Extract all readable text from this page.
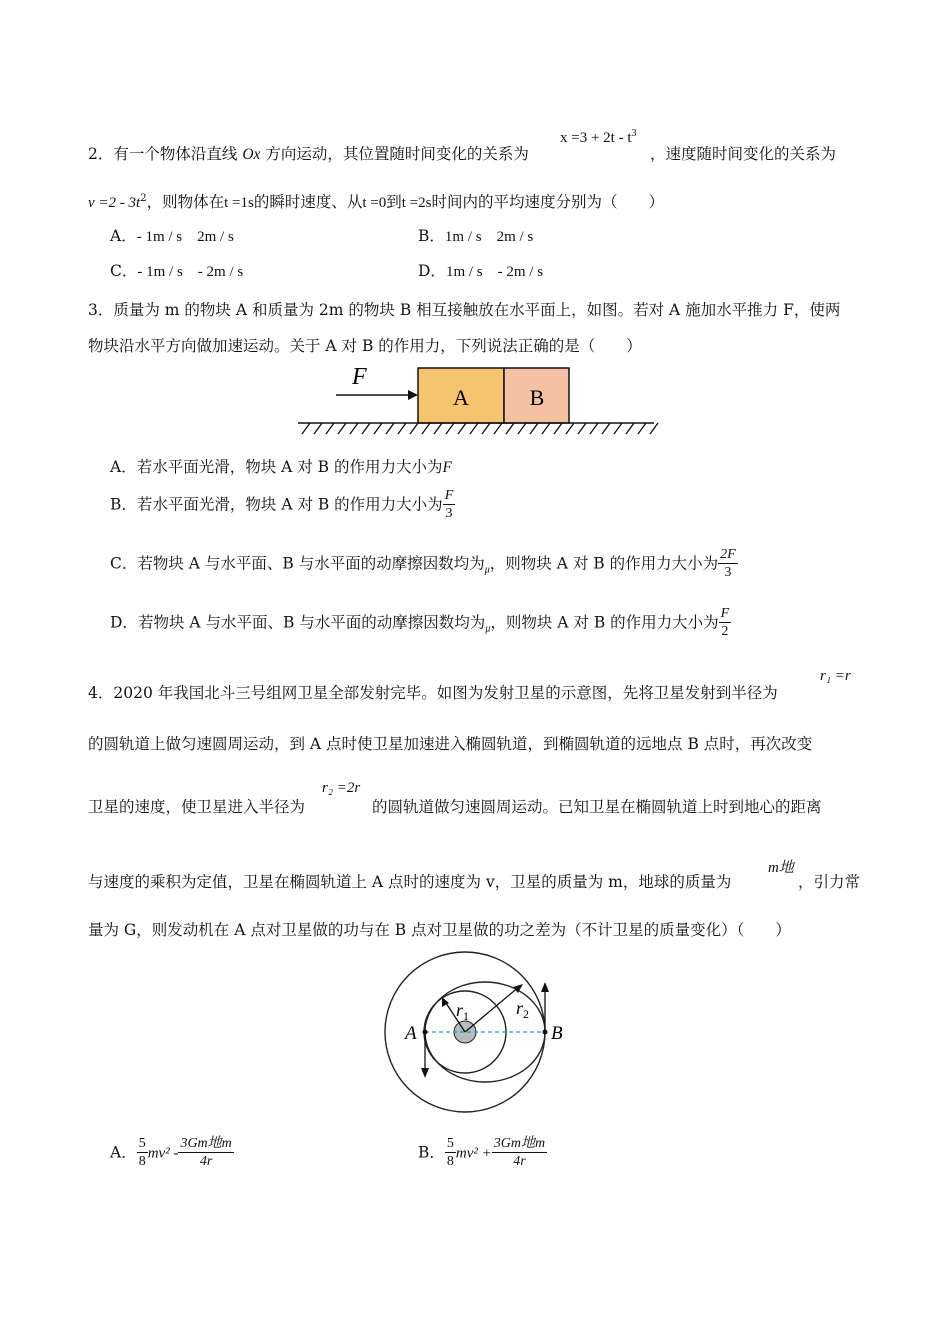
2．有一个物体沿直线 Ox 方向运动，其位置随时间变化的关系为
$x =3 + 2t - t^3$
，速度随时间变化的关系为
$v =2 - 3t^2$，则物体在t =1s的瞬时速度、从t =0到t =2s时间内的平均速度分别为（　　）
A．- 1m / s　2m / s	B．1m / s　2m / s
C．- 1m / s　- 2m / s	D．1m / s　- 2m / s
3．质量为 m 的物块 A 和质量为 2m 的物块 B 相互接触放在水平面上，如图。若对 A 施加水平推力 F，使两
物块沿水平方向做加速运动。关于 A 对 B 的作用力，下列说法正确的是（　　）
F
A	B
A．若水平面光滑，物块 A 对 B 的作用力大小为F
B．若水平面光滑，物块 A 对 B 的作用力大小为 $\frac{F}{3}$
C．若物块 A 与水平面、B 与水平面的动摩擦因数均为$_\mu$，则物块 A 对 B 的作用力大小为 $\frac{2F}{3}$
D．若物块 A 与水平面、B 与水平面的动摩擦因数均为$_\mu$，则物块 A 对 B 的作用力大小为 $\frac{F}{2}$
4．2020 年我国北斗三号组网卫星全部发射完毕。如图为发射卫星的示意图，先将卫星发射到半径为
r₁ =r
的圆轨道上做匀速圆周运动，到 A 点时使卫星加速进入椭圆轨道，到椭圆轨道的远地点 B 点时，再次改变
卫星的速度，使卫星进入半径为
r₂ =2r
的圆轨道做匀速圆周运动。已知卫星在椭圆轨道上时到地心的距离
与速度的乘积为定值，卫星在椭圆轨道上 A 点时的速度为 v，卫星的质量为 m，地球的质量为
m地
，引力常
量为 G，则发动机在 A 点对卫星做的功与在 B 点对卫星做的功之差为（不计卫星的质量变化）（　　）
A	B
$r_1$	$r_2$
A． $\frac{5}{8} mv^2 - \frac{\text{3Gm地m}}{4r}$	B． $\frac{5}{8} mv^2 + \frac{\text{3Gm地m}}{4r}$
